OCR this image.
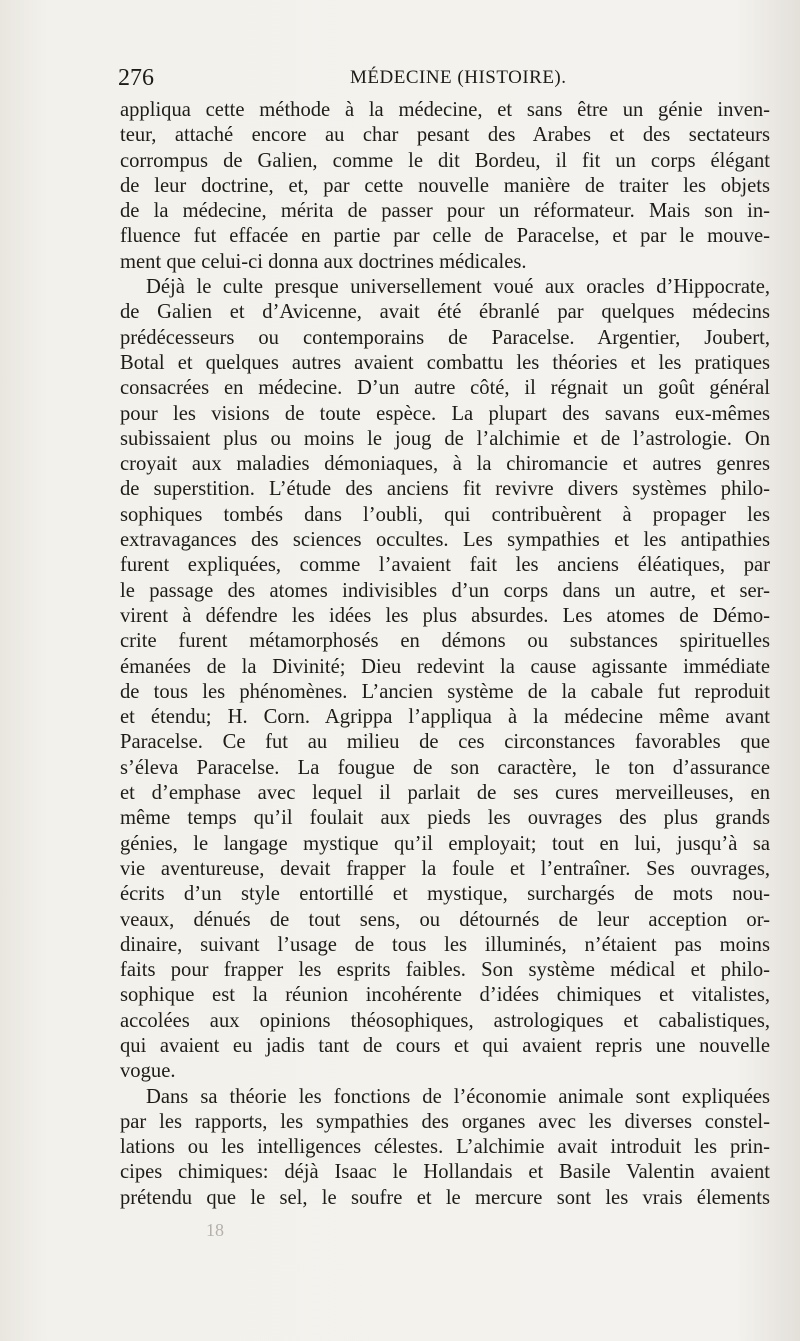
276	MÉDECINE (HISTOIRE).
appliqua cette méthode à la médecine, et sans être un génie inven-
teur, attaché encore au char pesant des Arabes et des sectateurs
corrompus de Galien, comme le dit Bordeu, il fit un corps élégant
de leur doctrine, et, par cette nouvelle manière de traiter les objets
de la médecine, mérita de passer pour un réformateur. Mais son in-
fluence fut effacée en partie par celle de Paracelse, et par le mouve-
ment que celui-ci donna aux doctrines médicales.
Déjà le culte presque universellement voué aux oracles d’Hippocrate,
de Galien et d’Avicenne, avait été ébranlé par quelques médecins
prédécesseurs ou contemporains de Paracelse. Argentier, Joubert,
Botal et quelques autres avaient combattu les théories et les pratiques
consacrées en médecine. D’un autre côté, il régnait un goût général
pour les visions de toute espèce. La plupart des savans eux-mêmes
subissaient plus ou moins le joug de l’alchimie et de l’astrologie. On
croyait aux maladies démoniaques, à la chiromancie et autres genres
de superstition. L’étude des anciens fit revivre divers systèmes philo-
sophiques tombés dans l’oubli, qui contribuèrent à propager les
extravagances des sciences occultes. Les sympathies et les antipathies
furent expliquées, comme l’avaient fait les anciens éléatiques, par
le passage des atomes indivisibles d’un corps dans un autre, et ser-
virent à défendre les idées les plus absurdes. Les atomes de Démo-
crite furent métamorphosés en démons ou substances spirituelles
émanées de la Divinité; Dieu redevint la cause agissante immédiate
de tous les phénomènes. L’ancien système de la cabale fut reproduit
et étendu; H. Corn. Agrippa l’appliqua à la médecine même avant
Paracelse. Ce fut au milieu de ces circonstances favorables que
s’éleva Paracelse. La fougue de son caractère, le ton d’assurance
et d’emphase avec lequel il parlait de ses cures merveilleuses, en
même temps qu’il foulait aux pieds les ouvrages des plus grands
génies, le langage mystique qu’il employait; tout en lui, jusqu’à sa
vie aventureuse, devait frapper la foule et l’entraîner. Ses ouvrages,
écrits d’un style entortillé et mystique, surchargés de mots nou-
veaux, dénués de tout sens, ou détournés de leur acception or-
dinaire, suivant l’usage de tous les illuminés, n’étaient pas moins
faits pour frapper les esprits faibles. Son système médical et philo-
sophique est la réunion incohérente d’idées chimiques et vitalistes,
accolées aux opinions théosophiques, astrologiques et cabalistiques,
qui avaient eu jadis tant de cours et qui avaient repris une nouvelle
vogue.
Dans sa théorie les fonctions de l’économie animale sont expliquées
par les rapports, les sympathies des organes avec les diverses constel-
lations ou les intelligences célestes. L’alchimie avait introduit les prin-
cipes chimiques: déjà Isaac le Hollandais et Basile Valentin avaient
prétendu que le sel, le soufre et le mercure sont les vrais élements
18
